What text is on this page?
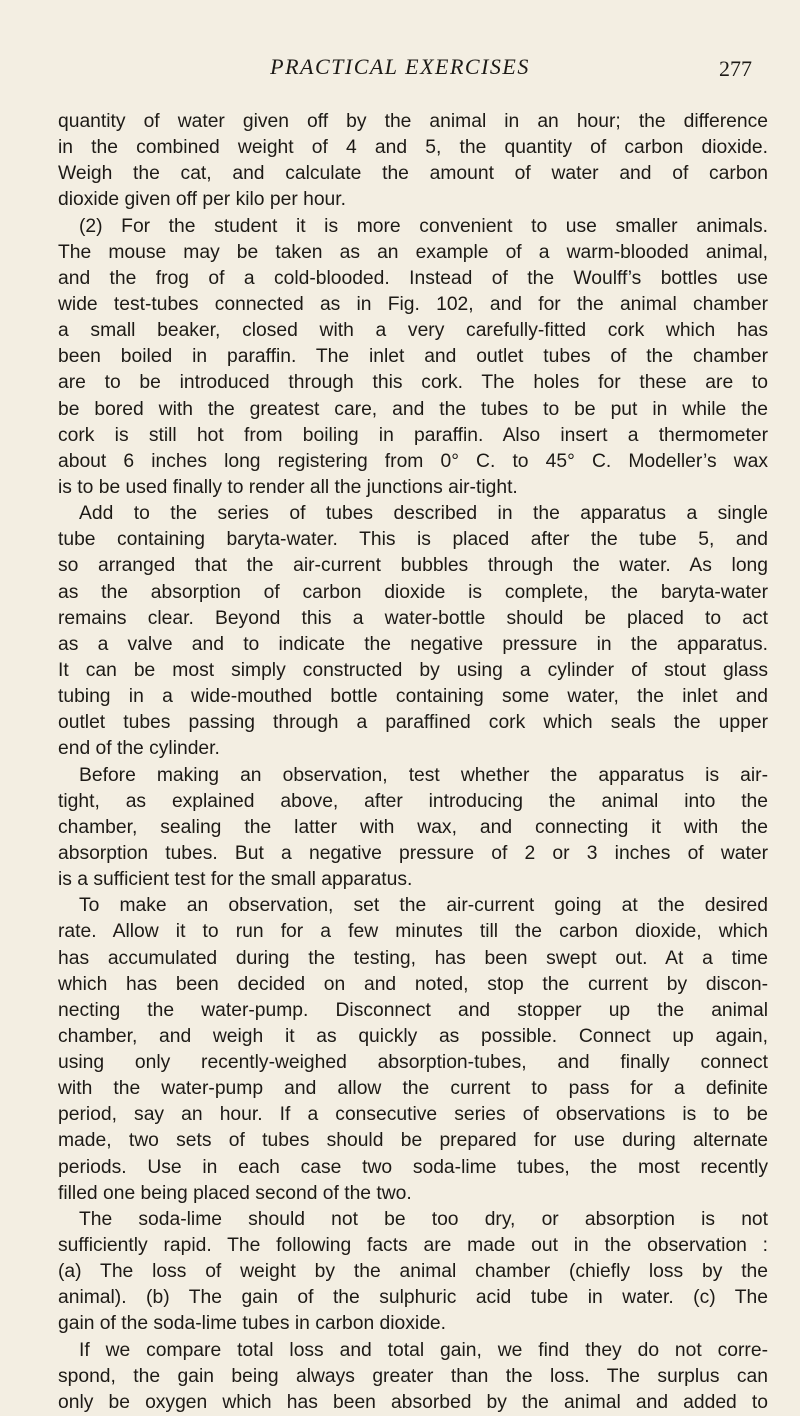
PRACTICAL EXERCISES	277
quantity of water given off by the animal in an hour; the difference
in the combined weight of 4 and 5, the quantity of carbon dioxide.
Weigh the cat, and calculate the amount of water and of carbon
dioxide given off per kilo per hour.
(2) For the student it is more convenient to use smaller animals.
The mouse may be taken as an example of a warm-blooded animal,
and the frog of a cold-blooded. Instead of the Woulff’s bottles use
wide test-tubes connected as in Fig. 102, and for the animal chamber
a small beaker, closed with a very carefully-fitted cork which has
been boiled in paraffin. The inlet and outlet tubes of the chamber
are to be introduced through this cork. The holes for these are to
be bored with the greatest care, and the tubes to be put in while the
cork is still hot from boiling in paraffin. Also insert a thermometer
about 6 inches long registering from 0° C. to 45° C. Modeller’s wax
is to be used finally to render all the junctions air-tight.
Add to the series of tubes described in the apparatus a single
tube containing baryta-water. This is placed after the tube 5, and
so arranged that the air-current bubbles through the water. As long
as the absorption of carbon dioxide is complete, the baryta-water
remains clear. Beyond this a water-bottle should be placed to act
as a valve and to indicate the negative pressure in the apparatus.
It can be most simply constructed by using a cylinder of stout glass
tubing in a wide-mouthed bottle containing some water, the inlet and
outlet tubes passing through a paraffined cork which seals the upper
end of the cylinder.
Before making an observation, test whether the apparatus is air-
tight, as explained above, after introducing the animal into the
chamber, sealing the latter with wax, and connecting it with the
absorption tubes. But a negative pressure of 2 or 3 inches of water
is a sufficient test for the small apparatus.
To make an observation, set the air-current going at the desired
rate. Allow it to run for a few minutes till the carbon dioxide, which
has accumulated during the testing, has been swept out. At a time
which has been decided on and noted, stop the current by discon-
necting the water-pump. Disconnect and stopper up the animal
chamber, and weigh it as quickly as possible. Connect up again,
using only recently-weighed absorption-tubes, and finally connect
with the water-pump and allow the current to pass for a definite
period, say an hour. If a consecutive series of observations is to be
made, two sets of tubes should be prepared for use during alternate
periods. Use in each case two soda-lime tubes, the most recently
filled one being placed second of the two.
The soda-lime should not be too dry, or absorption is not
sufficiently rapid. The following facts are made out in the observation :
(a) The loss of weight by the animal chamber (chiefly loss by the
animal). (b) The gain of the sulphuric acid tube in water. (c) The
gain of the soda-lime tubes in carbon dioxide.
If we compare total loss and total gain, we find they do not corre-
spond, the gain being always greater than the loss. The surplus can
only be oxygen which has been absorbed by the animal and added to
